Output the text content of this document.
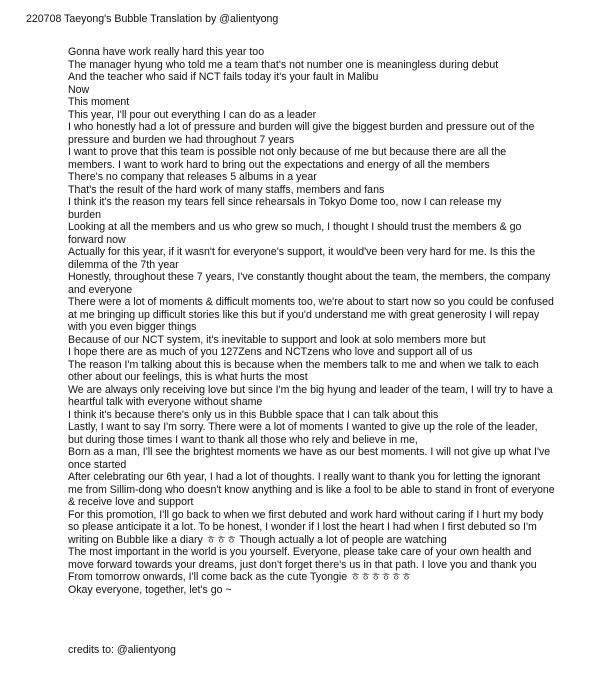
220708 Taeyong's Bubble Translation by @alientyong
Gonna have work really hard this year too
The manager hyung who told me a team that's not number one is meaningless during debut
And the teacher who said if NCT fails today it's your fault in Malibu
Now
This moment
This year, I'll pour out everything I can do as a leader
I who honestly had a lot of pressure and burden will give the biggest burden and pressure out of the
pressure and burden we had throughout 7 years
I want to prove that this team is possible not only because of me but because there are all the
members. I want to work hard to bring out the expectations and energy of all the members
There's no company that releases 5 albums in a year
That's the result of the hard work of many staffs, members and fans
I think it's the reason my tears fell since rehearsals in Tokyo Dome too, now I can release my
burden
Looking at all the members and us who grew so much, I thought I should trust the members & go
forward now
Actually for this year, if it wasn't for everyone's support, it would've been very hard for me. Is this the
dilemma of the 7th year
Honestly, throughout these 7 years, I've constantly thought about the team, the members, the company
and everyone
There were a lot of moments & difficult moments too, we're about to start now so you could be confused
at me bringing up difficult stories like this but if you'd understand me with great generosity I will repay
with you even bigger things
Because of our NCT system, it's inevitable to support and look at solo members more but
I hope there are as much of you 127Zens and NCTzens who love and support all of us
The reason I'm talking about this is because when the members talk to me and when we talk to each
other about our feelings, this is what hurts the most
We are always only receiving love but since I'm the big hyung and leader of the team, I will try to have a
heartful talk with everyone without shame
I think it's because there's only us in this Bubble space that I can talk about this
Lastly, I want to say I'm sorry. There were a lot of moments I wanted to give up the role of the leader,
but during those times I want to thank all those who rely and believe in me,
Born as a man, I'll see the brightest moments we have as our best moments. I will not give up what I've
once started
After celebrating our 6th year, I had a lot of thoughts. I really want to thank you for letting the ignorant
me from Sillim-dong who doesn't know anything and is like a fool to be able to stand in front of everyone
& receive love and support
For this promotion, I'll go back to when we first debuted and work hard without caring if I hurt my body
so please anticipate it a lot. To be honest, I wonder if I lost the heart I had when I first debuted so I'm
writing on Bubble like a diary ㅎㅎㅎ Though actually a lot of people are watching
The most important in the world is you yourself. Everyone, please take care of your own health and
move forward towards your dreams, just don't forget there's us in that path. I love you and thank you
From tomorrow onwards, I'll come back as the cute Tyongie ㅎㅎㅎㅎㅎㅎ
Okay everyone, together, let's go ~
credits to: @alientyong
